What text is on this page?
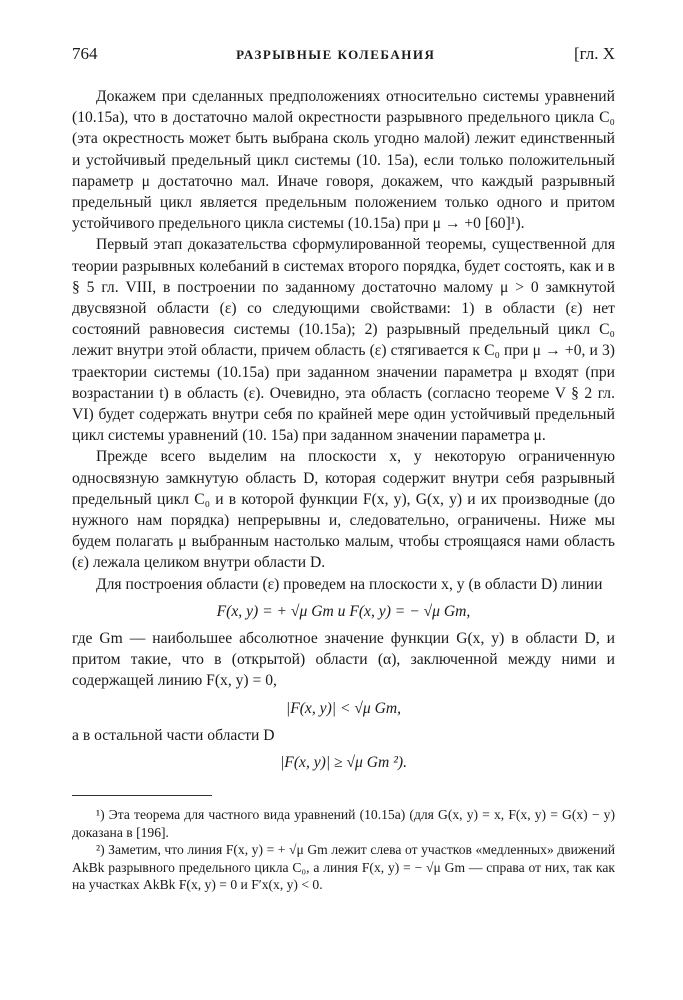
764	РАЗРЫВНЫЕ КОЛЕБАНИЯ	[гл. X

Докажем при сделанных предположениях относительно системы уравнений (10.15а), что в достаточно малой окрестности разрывного предельного цикла C₀ (эта окрестность может быть выбрана сколь угодно малой) лежит единственный и устойчивый предельный цикл системы (10. 15а), если только положительный параметр μ достаточно мал. Иначе говоря, докажем, что каждый разрывный предельный цикл является предельным положением только одного и притом устойчивого предельного цикла системы (10.15а) при μ → +0 [60]¹).

Первый этап доказательства сформулированной теоремы, существенной для теории разрывных колебаний в системах второго порядка, будет состоять, как и в § 5 гл. VIII, в построении по заданному достаточно малому μ > 0 замкнутой двусвязной области (ε) со следующими свойствами: 1) в области (ε) нет состояний равновесия системы (10.15а); 2) разрывный предельный цикл C₀ лежит внутри этой области, причем область (ε) стягивается к C₀ при μ → +0, и 3) траектории системы (10.15а) при заданном значении параметра μ входят (при возрастании t) в область (ε). Очевидно, эта область (согласно теореме V § 2 гл. VI) будет содержать внутри себя по крайней мере один устойчивый предельный цикл системы уравнений (10. 15а) при заданном значении параметра μ.

Прежде всего выделим на плоскости x, y некоторую ограниченную односвязную замкнутую область D, которая содержит внутри себя разрывный предельный цикл C₀ и в которой функции F(x, y), G(x, y) и их производные (до нужного нам порядка) непрерывны и, следовательно, ограничены. Ниже мы будем полагать μ выбранным настолько малым, чтобы строящаяся нами область (ε) лежала целиком внутри области D.

Для построения области (ε) проведем на плоскости x, y (в области D) линии

F(x, y) = + √μ Gm и F(x, y) = − √μ Gm,

где Gm — наибольшее абсолютное значение функции G(x, y) в области D, и притом такие, что в (открытой) области (α), заключенной между ними и содержащей линию F(x, y) = 0,

|F(x, y)| < √μ Gm,

а в остальной части области D

|F(x, y)| ≥ √μ Gm ²).

¹) Эта теорема для частного вида уравнений (10.15а) (для G(x, y) = x, F(x, y) = G(x) − y) доказана в [196].

²) Заметим, что линия F(x, y) = + √μ Gm лежит слева от участков «медленных» движений AkBk разрывного предельного цикла C₀, а линия F(x, y) = − √μ Gm — справа от них, так как на участках AkBk F(x, y) = 0 и F′x(x, y) < 0.
